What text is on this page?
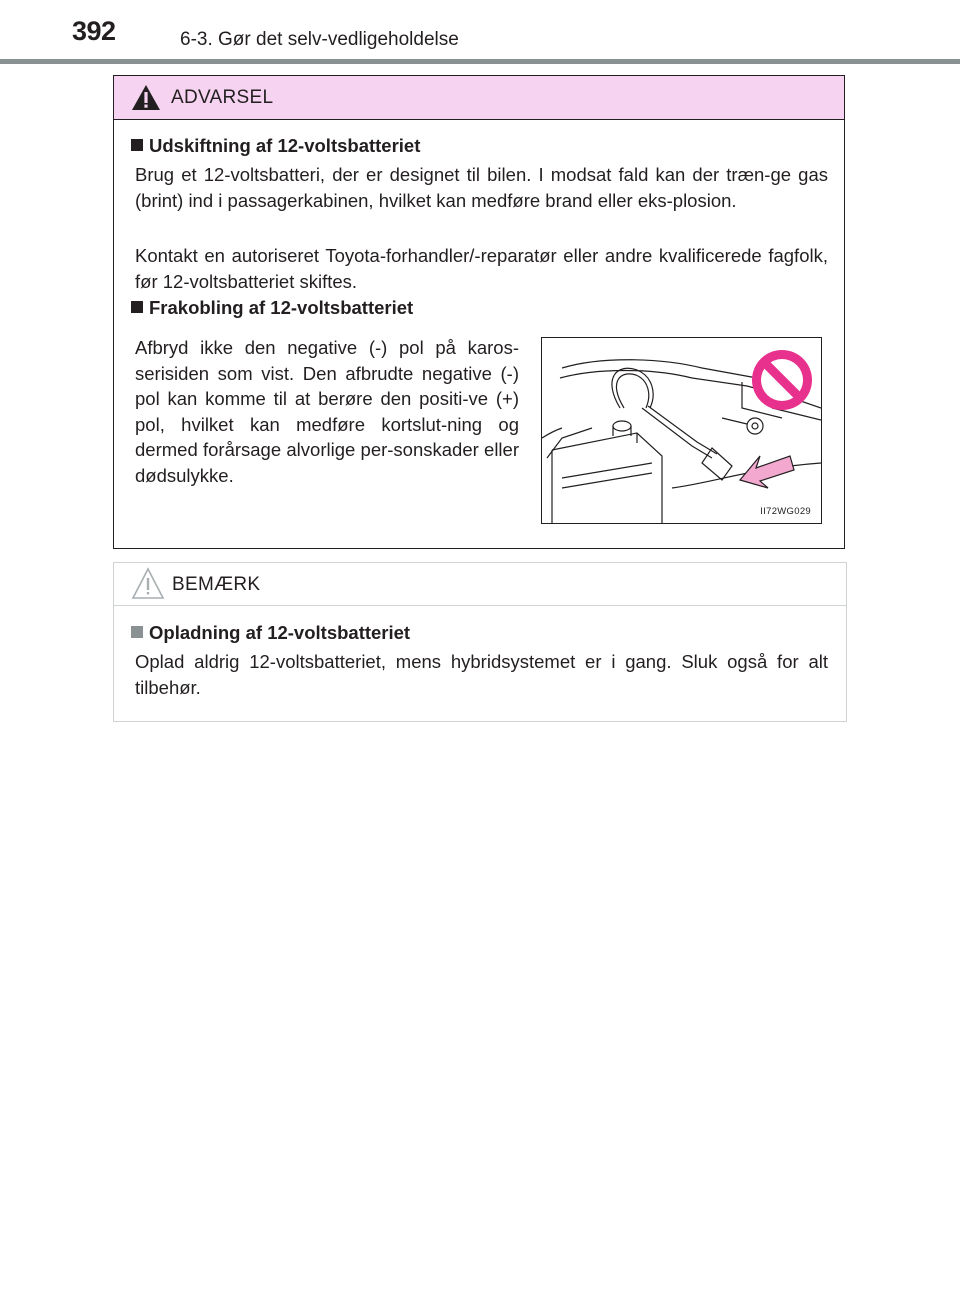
392	6-3. Gør det selv-vedligeholdelse
ADVARSEL
Udskiftning af 12-voltsbatteriet
Brug et 12-voltsbatteri, der er designet til bilen. I modsat fald kan der træn-ge gas (brint) ind i passagerkabinen, hvilket kan medføre brand eller eks-plosion.
Kontakt en autoriseret Toyota-forhandler/-reparatør eller andre kvalificerede fagfolk, før 12-voltsbatteriet skiftes.
Frakobling af 12-voltsbatteriet
Afbryd ikke den negative (-) pol på karos-serisiden som vist. Den afbrudte negative (-) pol kan komme til at berøre den positi-ve (+) pol, hvilket kan medføre kortslut-ning og dermed forårsage alvorlige per-sonskader eller dødsulykke.
II72WG029
BEMÆRK
Opladning af 12-voltsbatteriet
Oplad aldrig 12-voltsbatteriet, mens hybridsystemet er i gang. Sluk også for alt tilbehør.
